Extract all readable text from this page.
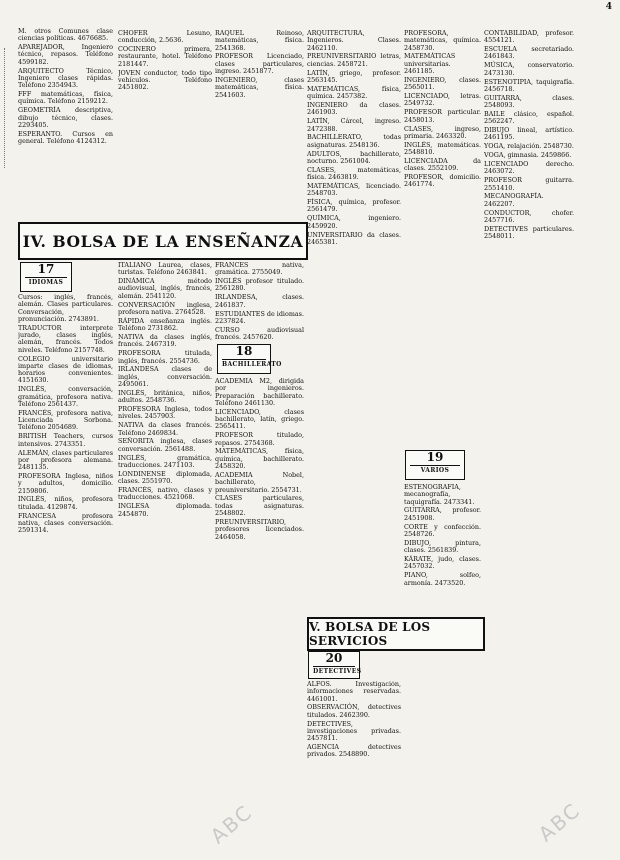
4

M. otros Comunes clase ciencias políticas. 4676685.

APAREJADOR, Ingeniero técnico, repasos. Teléfono 4599182.

ARQUITECTO Técnico, Ingeniero clases rápidas. Teléfono 2354943.

FFF matemáticas, física, química. Teléfono 2159212.

GEOMETRÍA descriptiva, dibujo técnico, clases. 2293405.

ESPERANTO. Cursos en general. Teléfono 4124312.

IV. BOLSA DE LA ENSEÑANZA
17
IDIOMAS

Cursos: inglés, francés, alemán. Clases particulares. Conversación, pronunciación. 2743891.

TRADUCTOR interprete jurado, clases inglés, alemán, francés. Todos niveles. Teléfono 2157748.

COLEGIO universitario imparte clases de idiomas, horarios convenientes. 4151630.

INGLÉS, conversación, gramática, profesora nativa. Teléfono 2561437.

FRANCÉS, profesora nativa, Licenciada Sorbona. Teléfono 2054689.

BRITISH Teachers, cursos intensivos. 2743351.

ALEMÁN, clases particulares por profesora alemana. 2481135.

PROFESORA Inglesa, niños y adultos, domicilio. 2159806.

INGLÉS, niños, profesora titulada. 4129874.

FRANCESA profesora nativa, clases conversación. 2591314.

CHOFER Lesuno, conducción, 2.5636.

COCINERO primera, restaurante, hotel. Teléfono 2181447.

JOVEN conductor, todo tipo vehículos. Teléfono 2451802.

ITALIANO Laurea, clases, turistas. Teléfono 2463841.

DINÁMICA método audiovisual, inglés, francés, alemán. 2541120.

CONVERSACIÓN inglesa, profesora nativa. 2764528.

RÁPIDA enseñanza inglés. Teléfono 2731862.

NATIVA da clases inglés, francés. 2467319.

PROFESORA titulada, inglés, francés. 2554736.

IRLANDESA clases de inglés, conversación. 2495061.

INGLÉS, británica, niños, adultos. 2548736.

PROFESORA Inglesa, todos niveles. 2457903.

NATIVA da clases francés. Teléfono 2469834.

SEÑORITA inglesa, clases conversación. 2561488.

INGLÉS, gramática, traducciones. 2471103.

LONDINENSE diplomada, clases. 2551970.

FRANCÉS, nativo, clases y traducciones. 4521068.

INGLESA diplomada. 2454870.

RAQUEL Reinoso, matemáticas, física. 2541368.

PROFESOR Licenciado, clases particulares, ingreso. 2451877.

INGENIERO, clases matemáticas, física. 2541603.

FRANCÉS nativa, gramática. 2755049.

INGLÉS profesor titulado. 2561280.

IRLANDESA, clases. 2461837.

ESTUDIANTES de idiomas. 2237824.

CURSO audiovisual francés. 2457620.

18
BACHILLERATO

ACADEMIA M2, dirigida por ingenieros. Preparación bachillerato. Teléfono 2461130.

LICENCIADO, clases bachillerato, latín, griego. 2565411.

PROFESOR titulado, repasos. 2754368.

MATEMÁTICAS, física, química, bachillerato. 2458320.

ACADEMIA Nobel, bachillerato, preuniversitario. 2554731.

CLASES particulares, todas asignaturas. 2548802.

PREUNIVERSITARIO, profesores licenciados. 2464058.

ARQUITECTURA, Ingenieros. Clases. 2462110.

PREUNIVERSITARIO letras, ciencias. 2458721.

LATÍN, griego, profesor. 2563145.

MATEMÁTICAS, física, química. 2457382.

INGENIERO da clases. 2461903.

LATÍN, Cárcel, ingreso. 2472388.

BACHILLERATO, todas asignaturas. 2548136.

ADULTOS, bachillerato, nocturno. 2561004.

CLASES, matemáticas, física. 2463819.

MATEMÁTICAS, licenciado. 2548703.

FÍSICA, química, profesor. 2561479.

QUÍMICA, ingeniero. 2459920.

UNIVERSITARIO da clases. 2465381.

V. BOLSA DE LOS SERVICIOS
20
DETECTIVES

ALFOS. Investigación, informaciones reservadas. 4461001.

OBSERVACIÓN, detectives titulados. 2462390.

DETECTIVES, investigaciones privadas. 2457811.

AGENCIA detectives privados. 2548890.

PROFESORA, matemáticas, química. 2458730.

MATEMÁTICAS universitarias. 2461185.

INGENIERO, clases. 2565011.

LICENCIADO, letras. 2549732.

PROFESOR particular. 2458013.

CLASES, ingreso, primaria. 2463320.

INGLÉS, matemáticas. 2548810.

LICENCIADA da clases. 2552109.

PROFESOR, domicilio. 2461774.

19
VARIOS

ESTENOGRAFÍA, mecanografía, taquigrafía. 2473341.

GUITARRA, profesor. 2451908.

CORTE y confección. 2548726.

DIBUJO, pintura, clases. 2561839.

KÁRATE, judo, clases. 2457032.

PIANO, solfeo, armonía. 2473520.

CONTABILIDAD, profesor. 4554121.

ESCUELA secretariado. 2461843.

MÚSICA, conservatorio. 2473130.

ESTENOTIPIA, taquigrafía. 2456718.

GUITARRA, clases. 2548093.

BAILE clásico, español. 2562247.

DIBUJO lineal, artístico. 2461195.

YOGA, relajación. 2548730.

VOGA, gimnasia. 2459866.

LICENCIADO derecho. 2463072.

PROFESOR guitarra. 2551410.

MECANOGRAFÍA. 2462207.

CONDUCTOR, chofer. 2457716.

DETECTIVES particulares. 2548011.

ABC	ABC
